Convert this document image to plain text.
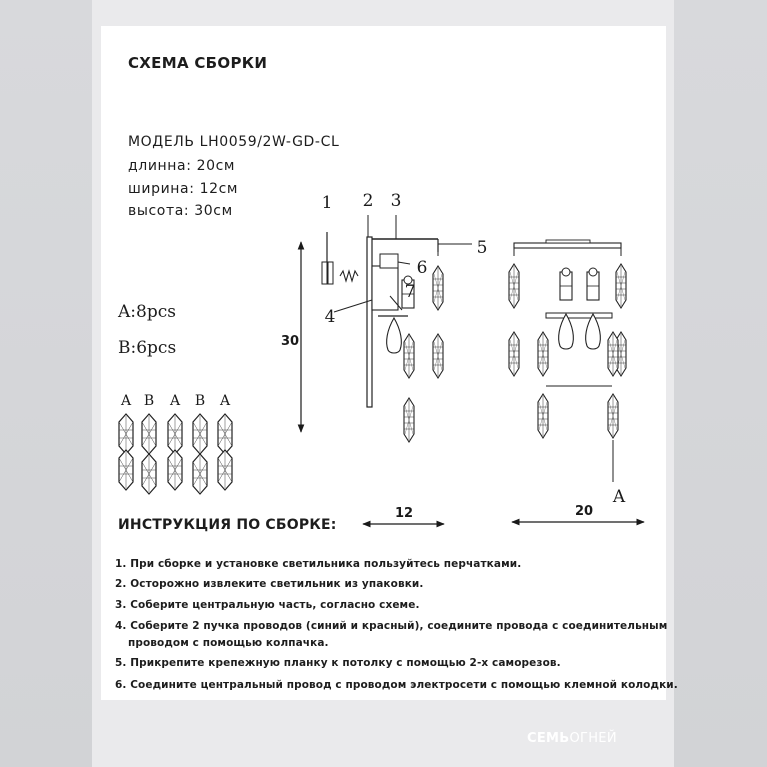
СХЕМА СБОРКИ
МОДЕЛЬ LH0059/2W-GD-CL
длинна: 20см
ширина: 12см
высота: 30см
A:8pcs
B:6pcs
A B A B A
30
1 2 3
4
5
6
7
A
12	20
ИНСТРУКЦИЯ ПО СБОРКЕ:
1. При сборке и установке светильника пользуйтесь перчатками.
2. Осторожно извлеките светильник из упаковки.
3. Соберите центральную часть, согласно схеме.
4. Соберите 2 пучка проводов (синий и красный), соедините провода с соединительным
проводом с помощью колпачка.
5. Прикрепите крепежную планку к потолку с помощью 2-х саморезов.
6. Соедините центральный провод с проводом электросети с помощью клемной колодки.
СЕМЬОГНЕЙ
